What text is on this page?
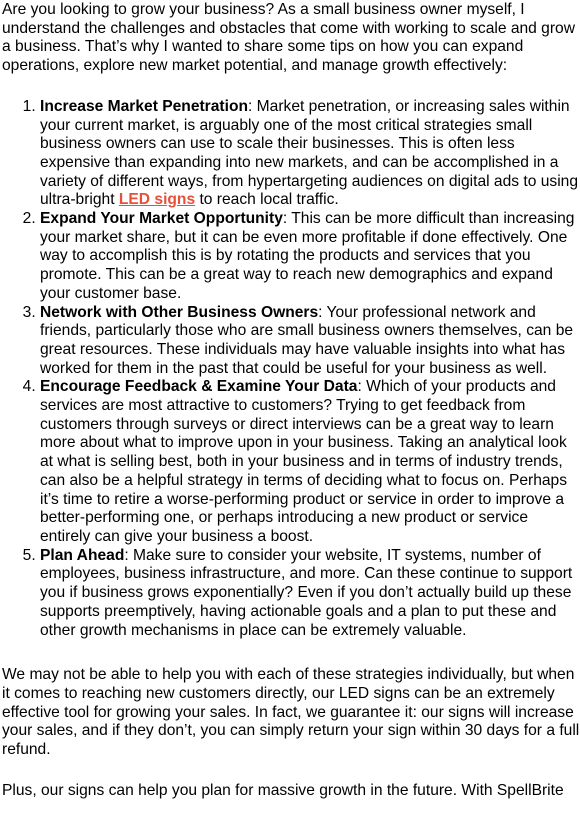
Are you looking to grow your business? As a small business owner myself, I understand the challenges and obstacles that come with working to scale and grow a business. That’s why I wanted to share some tips on how you can expand operations, explore new market potential, and manage growth effectively:

1. Increase Market Penetration: Market penetration, or increasing sales within your current market, is arguably one of the most critical strategies small business owners can use to scale their businesses. This is often less expensive than expanding into new markets, and can be accomplished in a variety of different ways, from hypertargeting audiences on digital ads to using ultra-bright LED signs to reach local traffic.
2. Expand Your Market Opportunity: This can be more difficult than increasing your market share, but it can be even more profitable if done effectively. One way to accomplish this is by rotating the products and services that you promote. This can be a great way to reach new demographics and expand your customer base.
3. Network with Other Business Owners: Your professional network and friends, particularly those who are small business owners themselves, can be great resources. These individuals may have valuable insights into what has worked for them in the past that could be useful for your business as well.
4. Encourage Feedback & Examine Your Data: Which of your products and services are most attractive to customers? Trying to get feedback from customers through surveys or direct interviews can be a great way to learn more about what to improve upon in your business. Taking an analytical look at what is selling best, both in your business and in terms of industry trends, can also be a helpful strategy in terms of deciding what to focus on. Perhaps it’s time to retire a worse-performing product or service in order to improve a better-performing one, or perhaps introducing a new product or service entirely can give your business a boost.
5. Plan Ahead: Make sure to consider your website, IT systems, number of employees, business infrastructure, and more. Can these continue to support you if business grows exponentially? Even if you don’t actually build up these supports preemptively, having actionable goals and a plan to put these and other growth mechanisms in place can be extremely valuable.

We may not be able to help you with each of these strategies individually, but when it comes to reaching new customers directly, our LED signs can be an extremely effective tool for growing your sales. In fact, we guarantee it: our signs will increase your sales, and if they don’t, you can simply return your sign within 30 days for a full refund.

Plus, our signs can help you plan for massive growth in the future. With SpellBrite
